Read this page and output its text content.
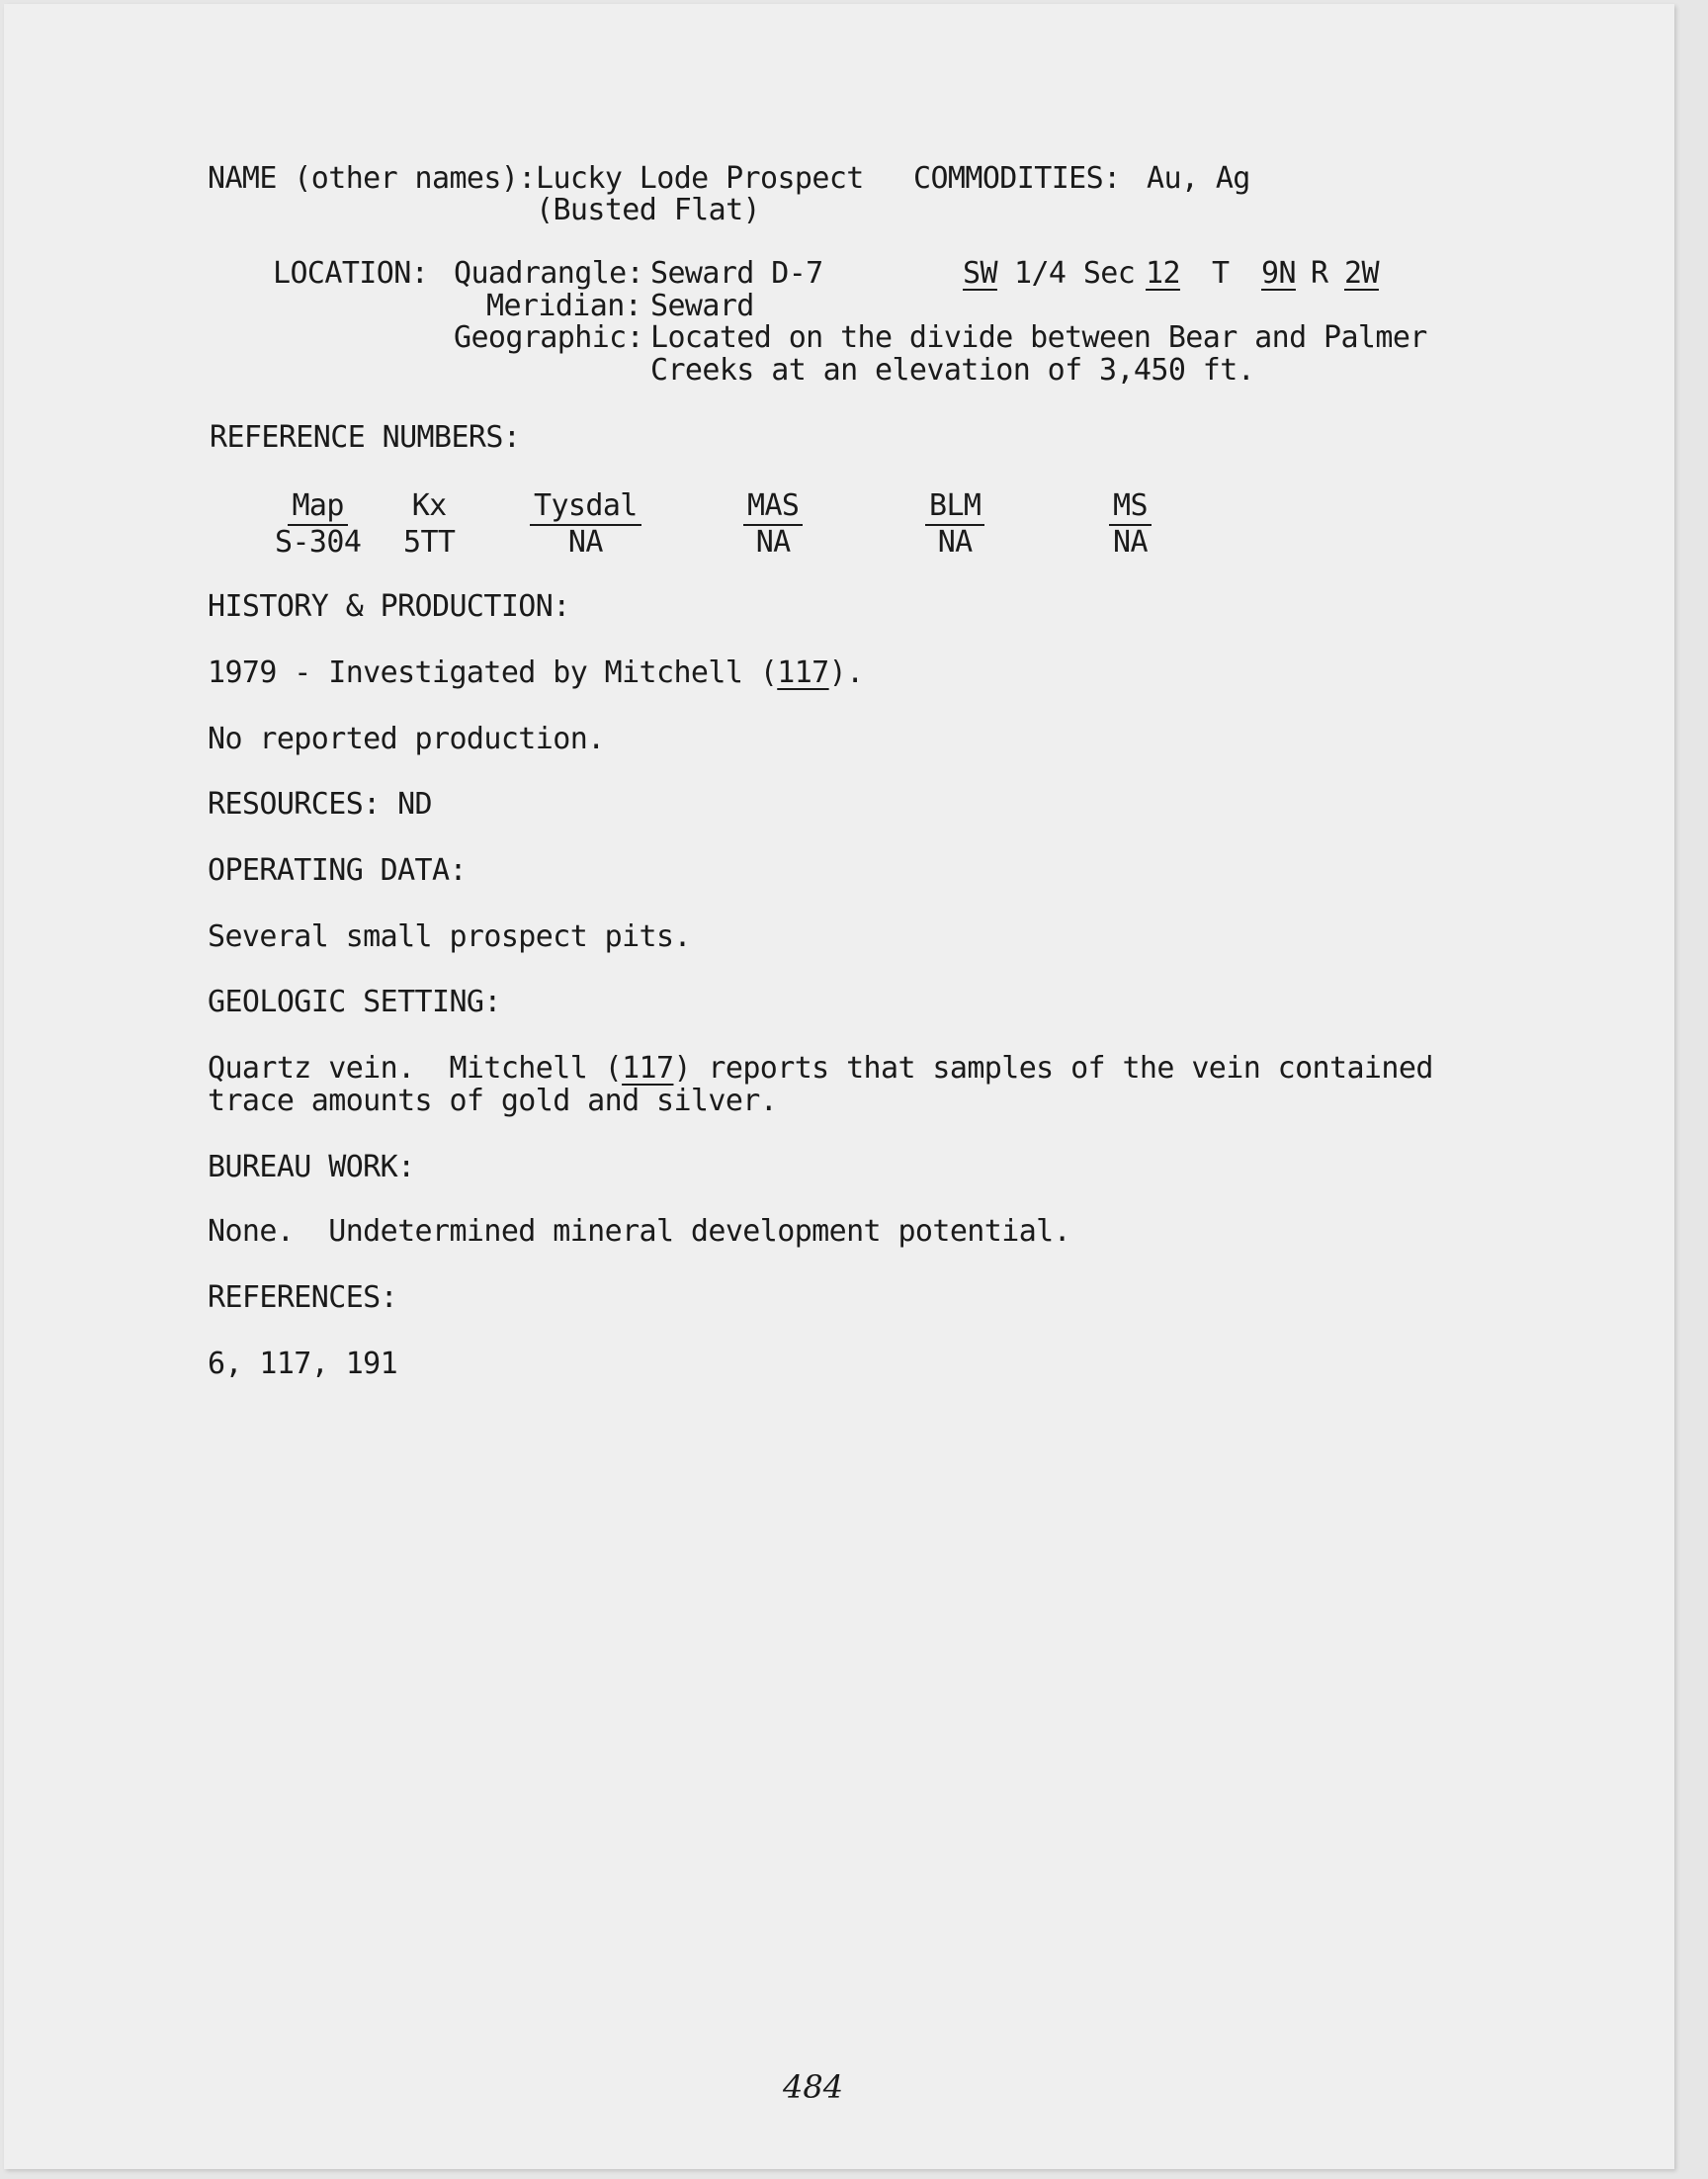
NAME (other names): Lucky Lode Prospect
(Busted Flat)
COMMODITIES: Au, Ag
LOCATION: Quadrangle: Seward D-7	SW 1/4 Sec 12 T 9N R 2W
Meridian: Seward
Geographic: Located on the divide between Bear and Palmer
Creeks at an elevation of 3,450 ft.
REFERENCE NUMBERS:
Map
S-304
Kx
5TT
Tysdal
NA
MAS
NA
BLM
NA
MS
NA
HISTORY & PRODUCTION:
1979 - Investigated by Mitchell (117).
No reported production.
RESOURCES: ND
OPERATING DATA:
Several small prospect pits.
GEOLOGIC SETTING:
Quartz vein.  Mitchell (117) reports that samples of the vein contained
trace amounts of gold and silver.
BUREAU WORK:
None.  Undetermined mineral development potential.
REFERENCES:
6, 117, 191
484
